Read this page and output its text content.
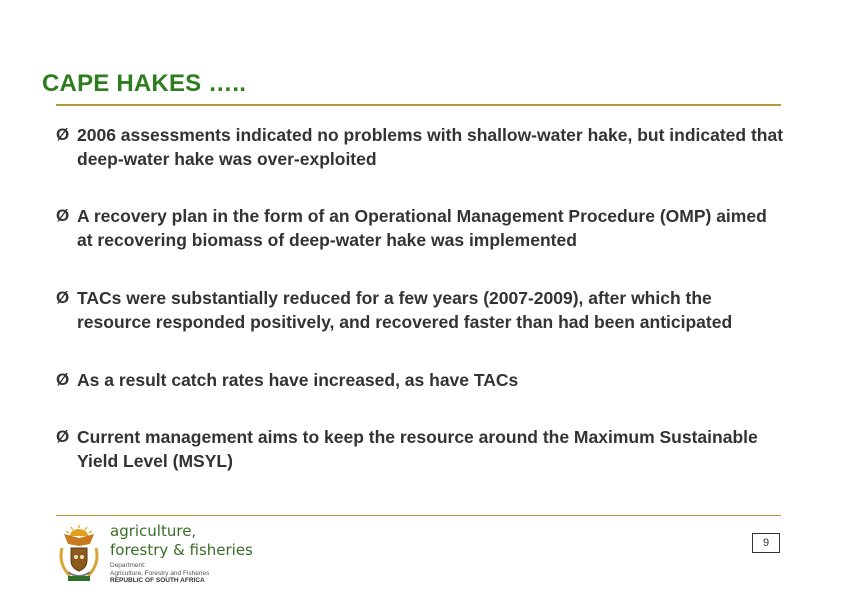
CAPE HAKES …..
Ø 2006 assessments indicated no problems with shallow-water hake, but indicated that deep-water hake was over-exploited
Ø A recovery plan in the form of an Operational Management Procedure (OMP) aimed at recovering biomass of deep-water hake was implemented
Ø TACs were substantially reduced for a few years (2007-2009), after which the resource responded positively, and recovered faster than had been anticipated
Ø As a result catch rates have increased, as have TACs
Ø Current management aims to keep the resource around the Maximum Sustainable Yield Level (MSYL)
agriculture,
forestry & fisheries
Department:
Agriculture, Forestry and Fisheries
REPUBLIC OF SOUTH AFRICA
9
